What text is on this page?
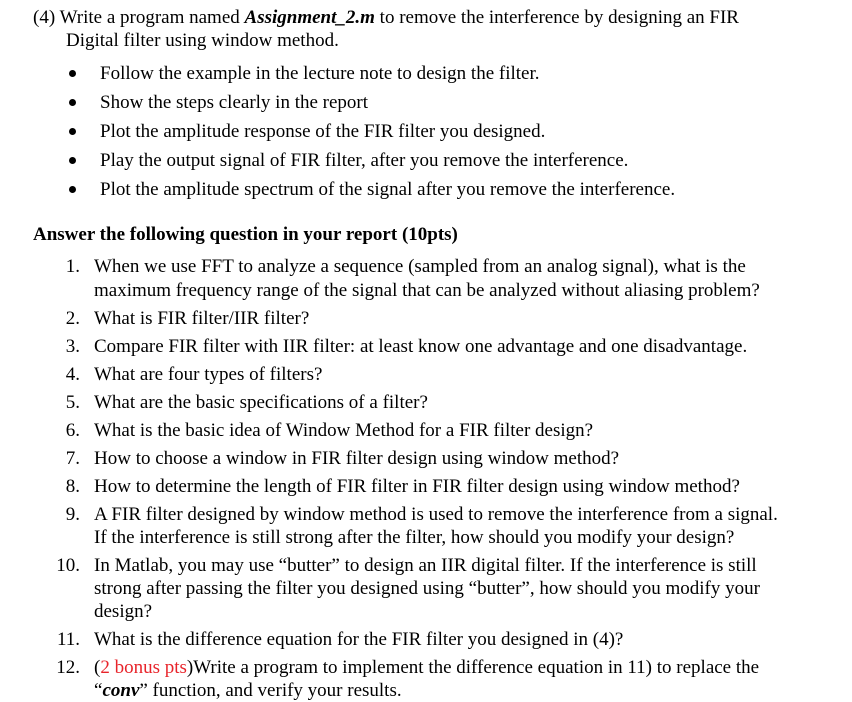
(4) Write a program named Assignment_2.m to remove the interference by designing an FIR
Digital filter using window method.
Follow the example in the lecture note to design the filter.
Show the steps clearly in the report
Plot the amplitude response of the FIR filter you designed.
Play the output signal of FIR filter, after you remove the interference.
Plot the amplitude spectrum of the signal after you remove the interference.
Answer the following question in your report (10pts)
1. When we use FFT to analyze a sequence (sampled from an analog signal), what is the
maximum frequency range of the signal that can be analyzed without aliasing problem?
2. What is FIR filter/IIR filter?
3. Compare FIR filter with IIR filter: at least know one advantage and one disadvantage.
4. What are four types of filters?
5. What are the basic specifications of a filter?
6. What is the basic idea of Window Method for a FIR filter design?
7. How to choose a window in FIR filter design using window method?
8. How to determine the length of FIR filter in FIR filter design using window method?
9. A FIR filter designed by window method is used to remove the interference from a signal.
If the interference is still strong after the filter, how should you modify your design?
10. In Matlab, you may use “butter” to design an IIR digital filter. If the interference is still
strong after passing the filter you designed using “butter”, how should you modify your
design?
11. What is the difference equation for the FIR filter you designed in (4)?
12. (2 bonus pts)Write a program to implement the difference equation in 11) to replace the
“conv” function, and verify your results.
